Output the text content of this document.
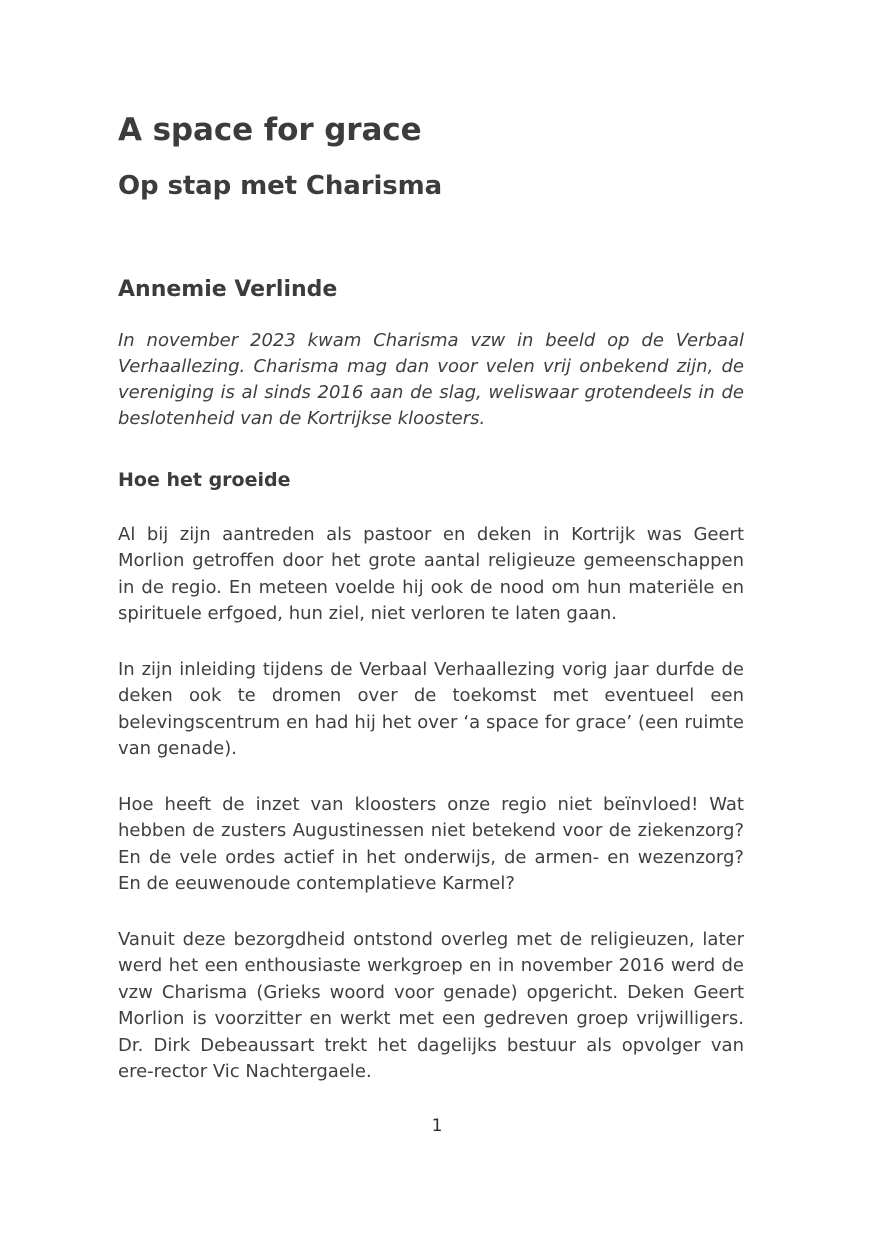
A space for grace
Op stap met Charisma
Annemie Verlinde

In november 2023 kwam Charisma vzw in beeld op de Verbaal Verhaallezing. Charisma mag dan voor velen vrij onbekend zijn, de vereniging is al sinds 2016 aan de slag, weliswaar grotendeels in de beslotenheid van de Kortrijkse kloosters.

Hoe het groeide

Al bij zijn aantreden als pastoor en deken in Kortrijk was Geert Morlion getroffen door het grote aantal religieuze gemeenschappen in de regio. En meteen voelde hij ook de nood om hun materiële en spirituele erfgoed, hun ziel, niet verloren te laten gaan.

In zijn inleiding tijdens de Verbaal Verhaallezing vorig jaar durfde de deken ook te dromen over de toekomst met eventueel een belevingscentrum en had hij het over ‘a space for grace’ (een ruimte van genade).

Hoe heeft de inzet van kloosters onze regio niet beïnvloed! Wat hebben de zusters Augustinessen niet betekend voor de ziekenzorg? En de vele ordes actief in het onderwijs, de armen- en wezenzorg? En de eeuwenoude contemplatieve Karmel?

Vanuit deze bezorgdheid ontstond overleg met de religieuzen, later werd het een enthousiaste werkgroep en in november 2016 werd de vzw Charisma (Grieks woord voor genade) opgericht. Deken Geert Morlion is voorzitter en werkt met een gedreven groep vrijwilligers. Dr. Dirk Debeaussart trekt het dagelijks bestuur als opvolger van ere-rector Vic Nachtergaele.

1
